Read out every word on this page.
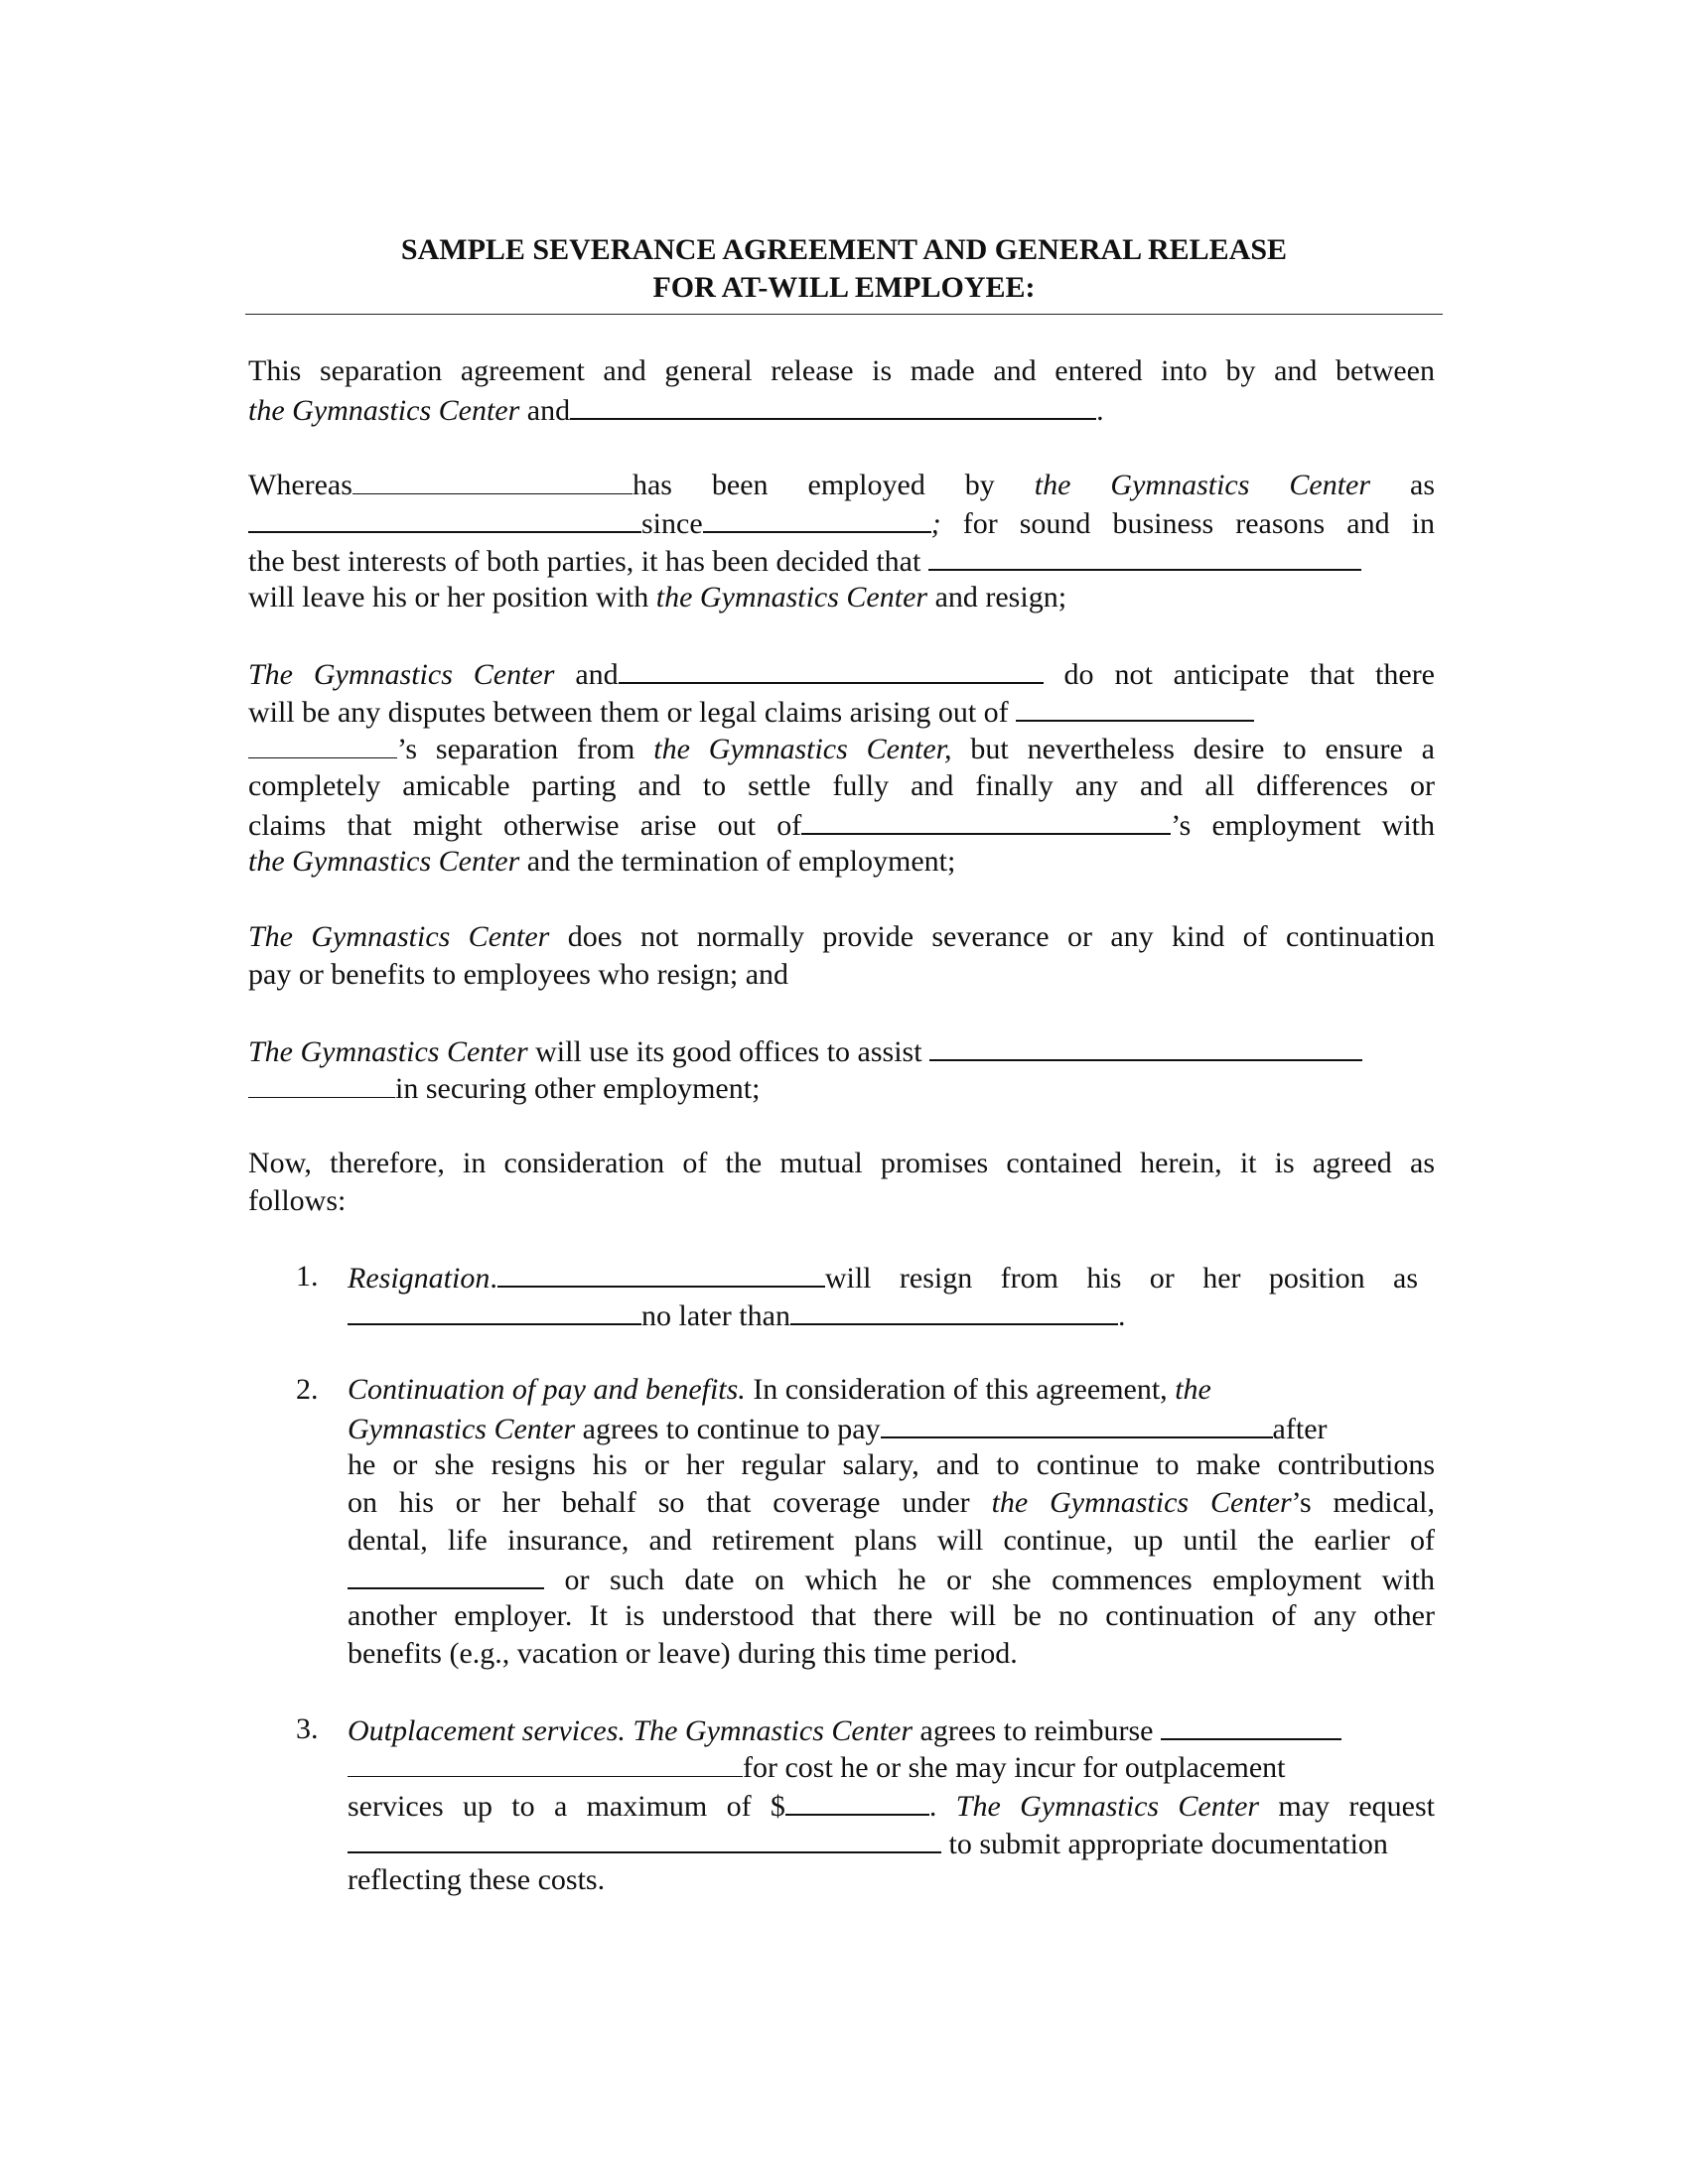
SAMPLE SEVERANCE AGREEMENT AND GENERAL RELEASE
FOR AT-WILL EMPLOYEE:
This separation agreement and general release is made and entered into by and between
the Gymnastics Center and	.
Whereas	has been employed by the Gymnastics Center as
since	; for sound business reasons and in
the best interests of both parties, it has been decided that
will leave his or her position with the Gymnastics Center and resign;
The Gymnastics Center and	do not anticipate that there
will be any disputes between them or legal claims arising out of
’s separation from the Gymnastics Center, but nevertheless desire to ensure a
completely amicable parting and to settle fully and finally any and all differences or
claims that might otherwise arise out of	’s employment with
the Gymnastics Center and the termination of employment;
The Gymnastics Center does not normally provide severance or any kind of continuation
pay or benefits to employees who resign; and
The Gymnastics Center will use its good offices to assist
in securing other employment;
Now, therefore, in consideration of the mutual promises contained herein, it is agreed as
follows:
1. Resignation.	will resign from his or her position as
no later than	.
2. Continuation of pay and benefits. In consideration of this agreement, the
Gymnastics Center agrees to continue to pay	after
he or she resigns his or her regular salary, and to continue to make contributions
on his or her behalf so that coverage under the Gymnastics Center’s medical,
dental, life insurance, and retirement plans will continue, up until the earlier of
or such date on which he or she commences employment with
another employer. It is understood that there will be no continuation of any other
benefits (e.g., vacation or leave) during this time period.
3. Outplacement services. The Gymnastics Center agrees to reimburse
for cost he or she may incur for outplacement
services up to a maximum of $	. The Gymnastics Center may request
to submit appropriate documentation
reflecting these costs.
